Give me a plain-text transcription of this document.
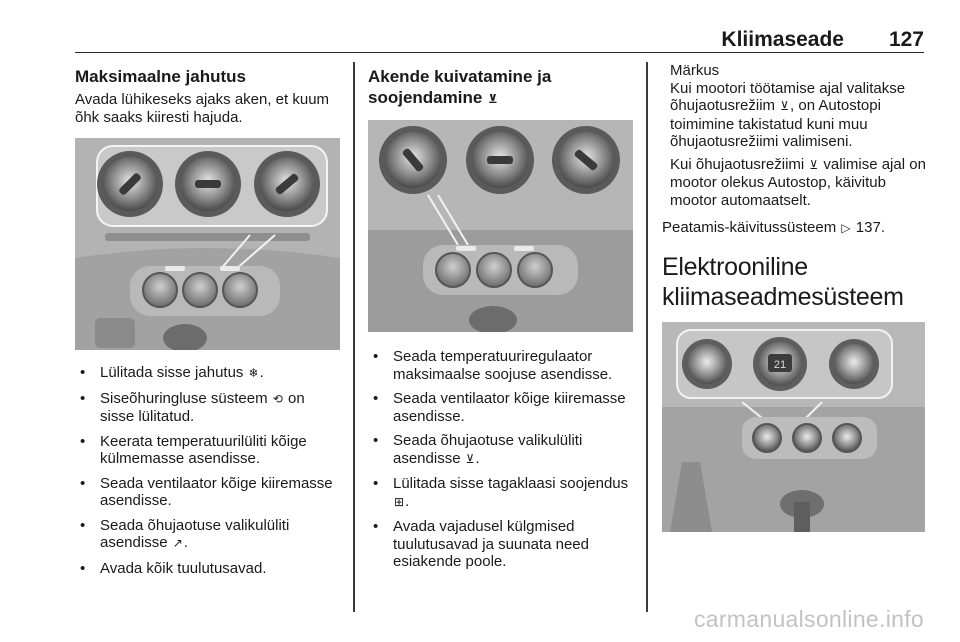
Kliimaseade 127
Maksimaalne jahutus

Avada lühikeseks ajaks aken, et kuum õhk saaks kiiresti hajuda.

• Lülitada sisse jahutus ❄.
• Siseõhuringluse süsteem ⟲ on sisse lülitatud.
• Keerata temperatuurilüliti kõige külmemasse asendisse.
• Seada ventilaator kõige kiiremasse asendisse.
• Seada õhujaotuse valikulüliti asendisse ↗.
• Avada kõik tuulutusavad.
Akende kuivatamine ja
soojendamine ⊻
• Seada temperatuuriregulaator maksimaalse soojuse asendisse.
• Seada ventilaator kõige kiiremasse asendisse.
• Seada õhujaotuse valikulüliti asendisse ⊻.
• Lülitada sisse tagaklaasi soojendus ⊞.
• Avada vajadusel külgmised tuulutusavad ja suunata need esiakende poole.
Märkus

Kui mootori töötamise ajal valitakse õhujaotusrežiim ⊻, on Autostopi toimimine takistatud kuni muu õhujaotusrežiimi valimiseni.

Kui õhujaotusrežiimi ⊻ valimise ajal on mootor olekus Autostop, käivitub mootor automaatselt.

Peatamis-käivitussüsteem ▷ 137.

Elektrooniline
kliimaseadmesüsteem
21
carmanualsonline.info
